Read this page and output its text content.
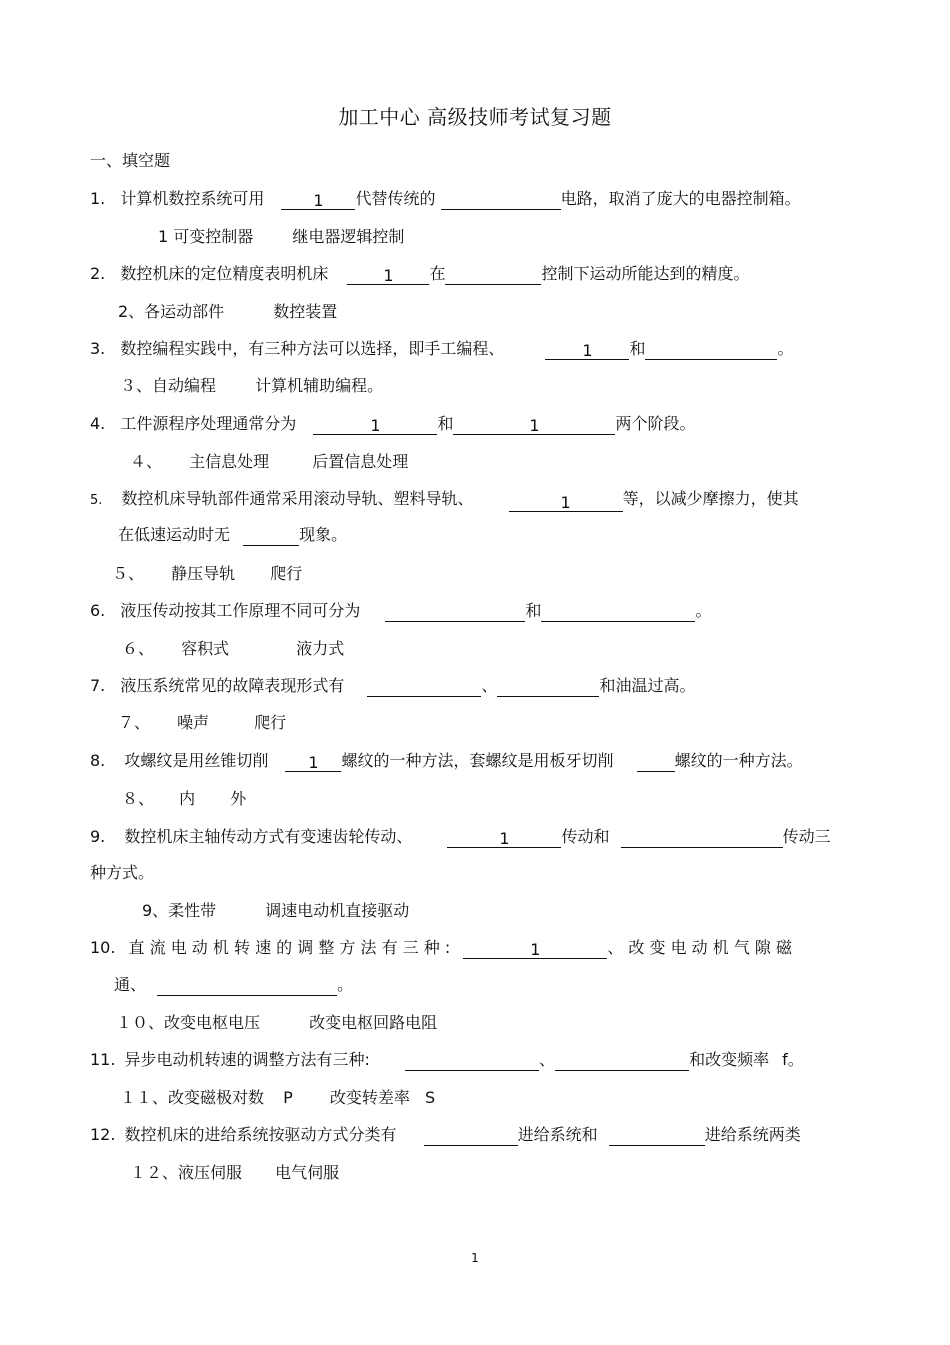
加工中心 高级技师考试复习题
一、填空题
1. 计算机数控系统可用	1 代替传统的	电路，取消了庞大的电器控制箱。
1 可变控制器 继电器逻辑控制
2. 数控机床的定位精度表明机床	1 在	控制下运动所能达到的精度。
2、各运动部件	数控装置
3. 数控编程实践中，有三种方法可以选择，即手工编程、	1 和	。
３、自动编程 计算机辅助编程。
4. 工件源程序处理通常分为	1	和	1	两个阶段。
４、 主信息处理	后置信息处理
5. 数控机床导轨部件通常采用滚动导轨、塑料导轨、	1	等，以减少摩擦力，使其
在低速运动时无	现象。
５、 静压导轨 爬行
6. 液压传动按其工作原理不同可分为	和	。
６、 容积式	液力式
7. 液压系统常见的故障表现形式有	、	和油温过高。
７、 噪声	爬行
8. 攻螺纹是用丝锥切削	1 螺纹的一种方法，套螺纹是用板牙切削	螺纹的一种方法。
８、 内 外
9. 数控机床主轴传动方式有变速齿轮传动、	1	传动和	传动三
种方式。
9、柔性带	调速电动机直接驱动
10. 直 流 电 动 机 转 速 的 调 整 方 法 有 三 种 :	1	、 改 变 电 动 机 气 隙 磁
通、	。
１０、改变电枢电压	改变电枢回路电阻
11. 异步电动机转速的调整方法有三种:	、	和改变频率 f。
１１、改变磁极对数 P 改变转差率 S
12. 数控机床的进给系统按驱动方式分类有	进给系统和	进给系统两类
１２、液压伺服 电气伺服
1
